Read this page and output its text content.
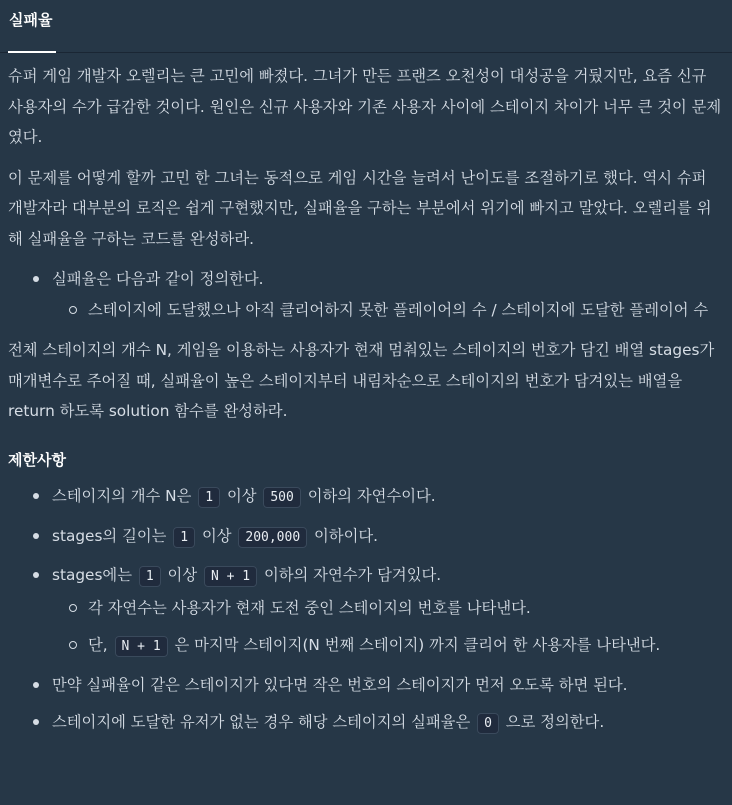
실패율

슈퍼 게임 개발자 오렐리는 큰 고민에 빠졌다. 그녀가 만든 프랜즈 오천성이 대성공을 거뒀지만, 요즘 신규 사용자의 수가 급감한 것이다. 원인은 신규 사용자와 기존 사용자 사이에 스테이지 차이가 너무 큰 것이 문제였다.

이 문제를 어떻게 할까 고민 한 그녀는 동적으로 게임 시간을 늘려서 난이도를 조절하기로 했다. 역시 슈퍼 개발자라 대부분의 로직은 쉽게 구현했지만, 실패율을 구하는 부분에서 위기에 빠지고 말았다. 오렐리를 위해 실패율을 구하는 코드를 완성하라.

실패율은 다음과 같이 정의한다.
스테이지에 도달했으나 아직 클리어하지 못한 플레이어의 수 / 스테이지에 도달한 플레이어 수

전체 스테이지의 개수 N, 게임을 이용하는 사용자가 현재 멈춰있는 스테이지의 번호가 담긴 배열 stages가 매개변수로 주어질 때, 실패율이 높은 스테이지부터 내림차순으로 스테이지의 번호가 담겨있는 배열을 return 하도록 solution 함수를 완성하라.

제한사항
스테이지의 개수 N은 1 이상 500 이하의 자연수이다.
stages의 길이는 1 이상 200,000 이하이다.
stages에는 1 이상 N + 1 이하의 자연수가 담겨있다.
각 자연수는 사용자가 현재 도전 중인 스테이지의 번호를 나타낸다.
단, N + 1 은 마지막 스테이지(N 번째 스테이지) 까지 클리어 한 사용자를 나타낸다.
만약 실패율이 같은 스테이지가 있다면 작은 번호의 스테이지가 먼저 오도록 하면 된다.
스테이지에 도달한 유저가 없는 경우 해당 스테이지의 실패율은 0 으로 정의한다.
